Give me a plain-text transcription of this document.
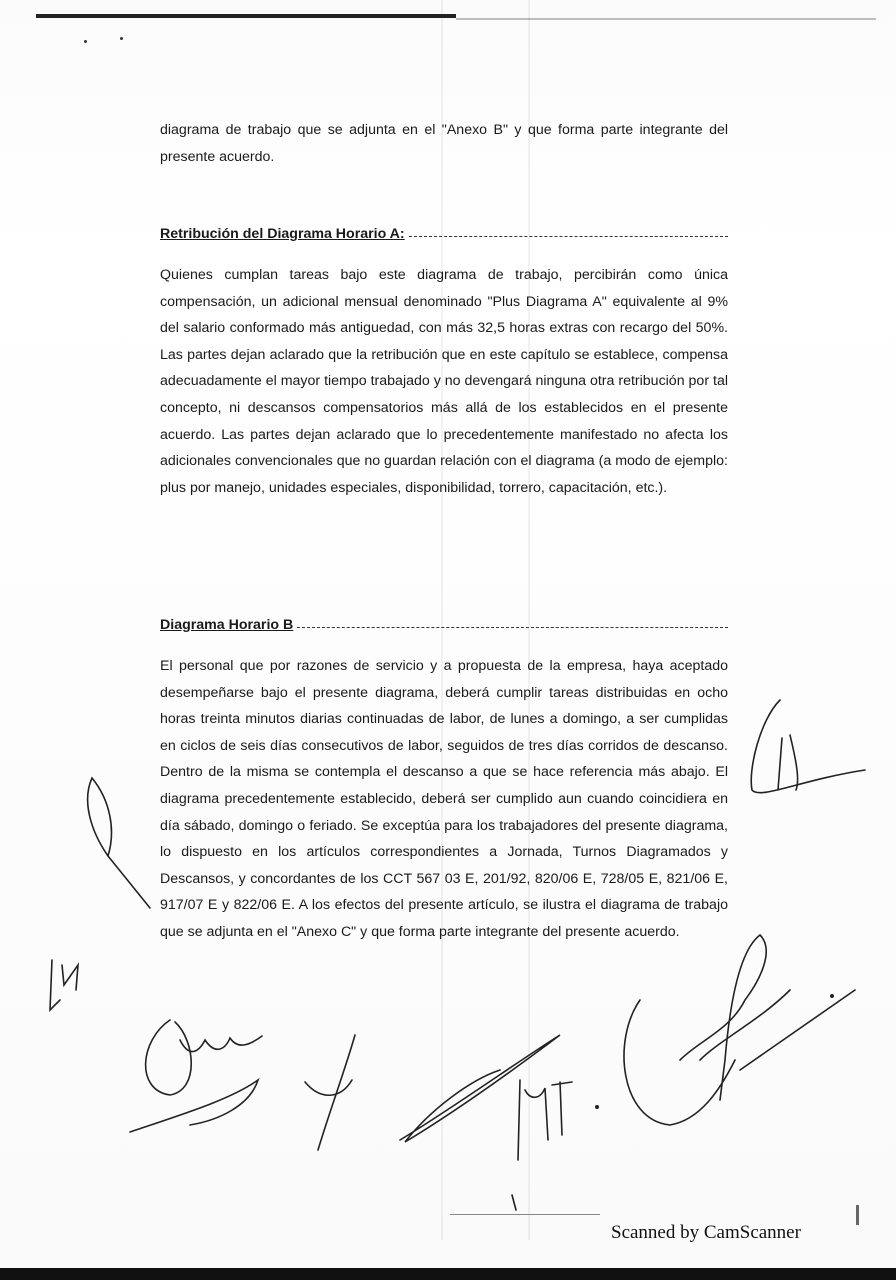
diagrama de trabajo que se adjunta en el "Anexo B" y que forma parte integrante del presente acuerdo.
Retribución del Diagrama Horario A:
Quienes cumplan tareas bajo este diagrama de trabajo, percibirán como única compensación, un adicional mensual denominado "Plus Diagrama A" equivalente al 9% del salario conformado más antiguedad, con más 32,5 horas extras con recargo del 50%. Las partes dejan aclarado que la retribución que en este capítulo se establece, compensa adecuadamente el mayor tiempo trabajado y no devengará ninguna otra retribución por tal concepto, ni descansos compensatorios más allá de los establecidos en el presente acuerdo. Las partes dejan aclarado que lo precedentemente manifestado no afecta los adicionales convencionales que no guardan relación con el diagrama (a modo de ejemplo: plus por manejo, unidades especiales, disponibilidad, torrero, capacitación, etc.).
Diagrama Horario B
El personal que por razones de servicio y a propuesta de la empresa, haya aceptado desempeñarse bajo el presente diagrama, deberá cumplir tareas distribuidas en ocho horas treinta minutos diarias continuadas de labor, de lunes a domingo, a ser cumplidas en ciclos de seis días consecutivos de labor, seguidos de tres días corridos de descanso. Dentro de la misma se contempla el descanso a que se hace referencia más abajo. El diagrama precedentemente establecido, deberá ser cumplido aun cuando coincidiera en día sábado, domingo o feriado. Se exceptúa para los trabajadores del presente diagrama, lo dispuesto en los artículos correspondientes a Jornada, Turnos Diagramados y Descansos, y concordantes de los CCT 567 03 E, 201/92, 820/06 E, 728/05 E, 821/06 E, 917/07 E y 822/06 E. A los efectos del presente artículo, se ilustra el diagrama de trabajo que se adjunta en el "Anexo C" y que forma parte integrante del presente acuerdo.
Scanned by CamScanner
